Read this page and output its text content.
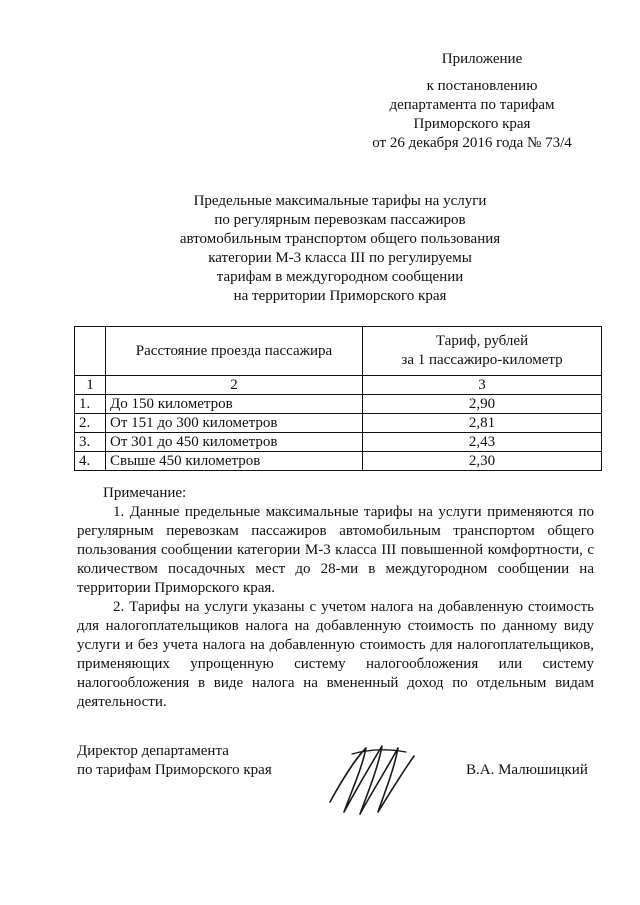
Приложение
к постановлению
департамента по тарифам
Приморского края
от 26 декабря 2016 года № 73/4
Предельные максимальные тарифы на услуги
по регулярным перевозкам пассажиров
автомобильным транспортом общего пользования
категории М-3 класса III по регулируемы
тарифам в междугородном сообщении
на территории Приморского края
	Расстояние проезда пассажира	Тариф, рублей
за 1 пассажиро-километр

1	2	3
1.	До 150 километров	2,90
2.	От 151 до 300 километров	2,81
3.	От 301 до 450 километров	2,43
4.	Свыше 450 километров	2,30
Примечание:

1. Данные предельные максимальные тарифы на услуги применяются по регулярным перевозкам пассажиров автомобильным транспортом общего пользования сообщении категории М-3 класса III повышенной комфортности, с количеством посадочных мест до 28-ми в междугородном сообщении на территории Приморского края.

2. Тарифы на услуги указаны с учетом налога на добавленную стоимость для налогоплательщиков налога на добавленную стоимость по данному виду услуги и без учета налога на добавленную стоимость для налогоплательщиков, применяющих упрощенную систему налогообложения или систему налогообложения в виде налога на вмененный доход по отдельным видам деятельности.

Директор департамента
по тарифам Приморского края	В.А. Малюшицкий
